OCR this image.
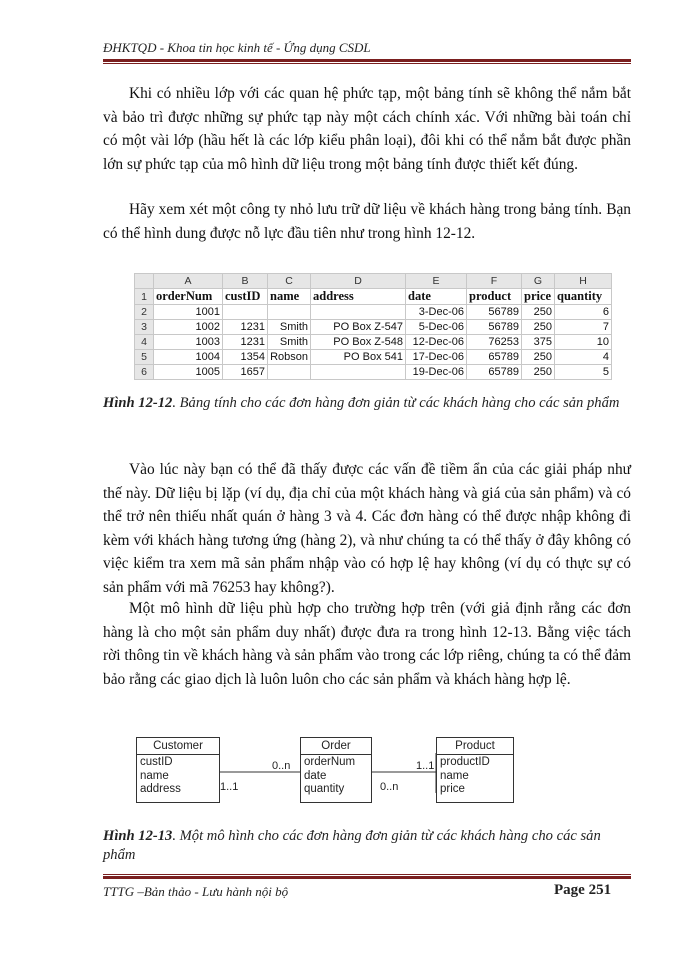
ĐHKTQD - Khoa tin học kinh tế - Ứng dụng CSDL
Khi có nhiều lớp với các quan hệ phức tạp, một bảng tính sẽ không thể nắm bắt và bảo trì được những sự phức tạp này một cách chính xác. Với những bài toán chỉ có một vài lớp (hầu hết là các lớp kiểu phân loại), đôi khi có thể nắm bắt được phần lớn sự phức tạp của mô hình dữ liệu trong một bảng tính được thiết kết đúng.
Hãy xem xét một công ty nhỏ lưu trữ dữ liệu về khách hàng trong bảng tính. Bạn có thể hình dung được nỗ lực đầu tiên như trong hình 12-12.
	A	B	C	D	E	F	G	H
1	orderNum	custID	name	address	date	product	price	quantity
2	1001				3-Dec-06	56789	250	6
3	1002	1231	Smith	PO Box Z-547	5-Dec-06	56789	250	7
4	1003	1231	Smith	PO Box Z-548	12-Dec-06	76253	375	10
5	1004	1354	Robson	PO Box 541	17-Dec-06	65789	250	4
6	1005	1657			19-Dec-06	65789	250	5
Hình 12-12. Bảng tính cho các đơn hàng đơn giản từ các khách hàng cho các sản phẩm
Vào lúc này bạn có thể đã thấy được các vấn đề tiềm ẩn của các giải pháp như thế này. Dữ liệu bị lặp (ví dụ, địa chỉ của một khách hàng và giá của sản phẩm) và có thể trở nên thiếu nhất quán ở hàng 3 và 4. Các đơn hàng có thể được nhập không đi kèm với khách hàng tương ứng (hàng 2), và như chúng ta có thể thấy ở đây không có việc kiểm tra xem mã sản phẩm nhập vào có hợp lệ hay không (ví dụ có thực sự có sản phẩm với mã 76253 hay không?).
Một mô hình dữ liệu phù hợp cho trường hợp trên (với giả định rằng các đơn hàng là cho một sản phẩm duy nhất) được đưa ra trong hình 12-13. Bằng việc tách rời thông tin về khách hàng và sản phẩm vào trong các lớp riêng, chúng ta có thể đảm bảo rằng các giao dịch là luôn luôn cho các sản phẩm và khách hàng hợp lệ.
Customer
custID
name
address
Order
orderNum
date
quantity
Product
productID
name
price
1..1
0..n
0..n
1..1
Hình 12-13. Một mô hình cho các đơn hàng đơn giản từ các khách hàng cho các sản phẩm
TTTG –Bản thảo - Lưu hành nội bộ	Page 251
